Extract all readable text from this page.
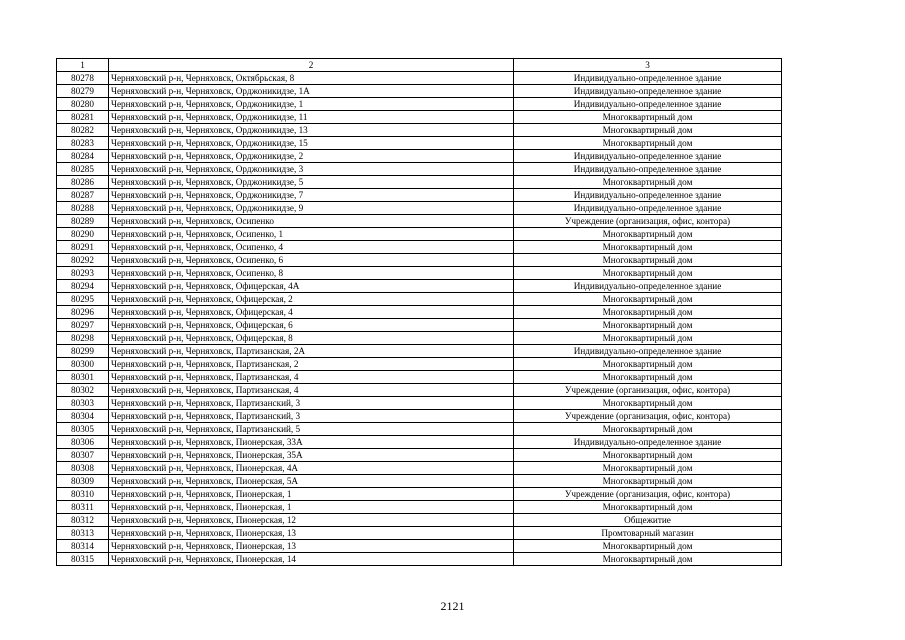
1	2	3
80278	Черняховский р-н, Черняховск, Октябрьская, 8	Индивидуально-определенное здание
80279	Черняховский р-н, Черняховск, Орджоникидзе, 1А	Индивидуально-определенное здание
80280	Черняховский р-н, Черняховск, Орджоникидзе, 1	Индивидуально-определенное здание
80281	Черняховский р-н, Черняховск, Орджоникидзе, 11	Многоквартирный дом
80282	Черняховский р-н, Черняховск, Орджоникидзе, 13	Многоквартирный дом
80283	Черняховский р-н, Черняховск, Орджоникидзе, 15	Многоквартирный дом
80284	Черняховский р-н, Черняховск, Орджоникидзе, 2	Индивидуально-определенное здание
80285	Черняховский р-н, Черняховск, Орджоникидзе, 3	Индивидуально-определенное здание
80286	Черняховский р-н, Черняховск, Орджоникидзе, 5	Многоквартирный дом
80287	Черняховский р-н, Черняховск, Орджоникидзе, 7	Индивидуально-определенное здание
80288	Черняховский р-н, Черняховск, Орджоникидзе, 9	Индивидуально-определенное здание
80289	Черняховский р-н, Черняховск, Осипенко	Учреждение (организация, офис, контора)
80290	Черняховский р-н, Черняховск, Осипенко, 1	Многоквартирный дом
80291	Черняховский р-н, Черняховск, Осипенко, 4	Многоквартирный дом
80292	Черняховский р-н, Черняховск, Осипенко, 6	Многоквартирный дом
80293	Черняховский р-н, Черняховск, Осипенко, 8	Многоквартирный дом
80294	Черняховский р-н, Черняховск, Офицерская, 4А	Индивидуально-определенное здание
80295	Черняховский р-н, Черняховск, Офицерская, 2	Многоквартирный дом
80296	Черняховский р-н, Черняховск, Офицерская, 4	Многоквартирный дом
80297	Черняховский р-н, Черняховск, Офицерская, 6	Многоквартирный дом
80298	Черняховский р-н, Черняховск, Офицерская, 8	Многоквартирный дом
80299	Черняховский р-н, Черняховск, Партизанская, 2А	Индивидуально-определенное здание
80300	Черняховский р-н, Черняховск, Партизанская, 2	Многоквартирный дом
80301	Черняховский р-н, Черняховск, Партизанская, 4	Многоквартирный дом
80302	Черняховский р-н, Черняховск, Партизанская, 4	Учреждение (организация, офис, контора)
80303	Черняховский р-н, Черняховск, Партизанский, 3	Многоквартирный дом
80304	Черняховский р-н, Черняховск, Партизанский, 3	Учреждение (организация, офис, контора)
80305	Черняховский р-н, Черняховск, Партизанский, 5	Многоквартирный дом
80306	Черняховский р-н, Черняховск, Пионерская, 33А	Индивидуально-определенное здание
80307	Черняховский р-н, Черняховск, Пионерская, 35А	Многоквартирный дом
80308	Черняховский р-н, Черняховск, Пионерская, 4А	Многоквартирный дом
80309	Черняховский р-н, Черняховск, Пионерская, 5А	Многоквартирный дом
80310	Черняховский р-н, Черняховск, Пионерская, 1	Учреждение (организация, офис, контора)
80311	Черняховский р-н, Черняховск, Пионерская, 1	Многоквартирный дом
80312	Черняховский р-н, Черняховск, Пионерская, 12	Общежитие
80313	Черняховский р-н, Черняховск, Пионерская, 13	Промтоварный магазин
80314	Черняховский р-н, Черняховск, Пионерская, 13	Многоквартирный дом
80315	Черняховский р-н, Черняховск, Пионерская, 14	Многоквартирный дом
2121
